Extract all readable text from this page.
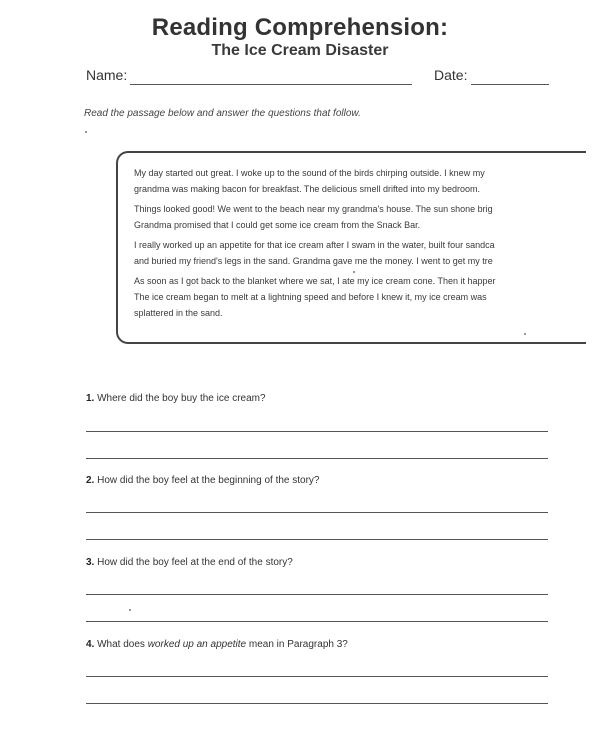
Reading Comprehension:
The Ice Cream Disaster
Name:	Date:
Read the passage below and answer the questions that follow.

My day started out great. I woke up to the sound of the birds chirping outside. I knew my
grandma was making bacon for breakfast. The delicious smell drifted into my bedroom.

Things looked good! We went to the beach near my grandma's house. The sun shone brig
Grandma promised that I could get some ice cream from the Snack Bar.

I really worked up an appetite for that ice cream after I swam in the water, built four sandca
and buried my friend's legs in the sand. Grandma gave me the money. I went to get my tre

As soon as I got back to the blanket where we sat, I ate my ice cream cone. Then it happer
The ice cream began to melt at a lightning speed and before I knew it, my ice cream was
splattered in the sand.

1. Where did the boy buy the ice cream?
2. How did the boy feel at the beginning of the story?
3. How did the boy feel at the end of the story?
4. What does worked up an appetite mean in Paragraph 3?
